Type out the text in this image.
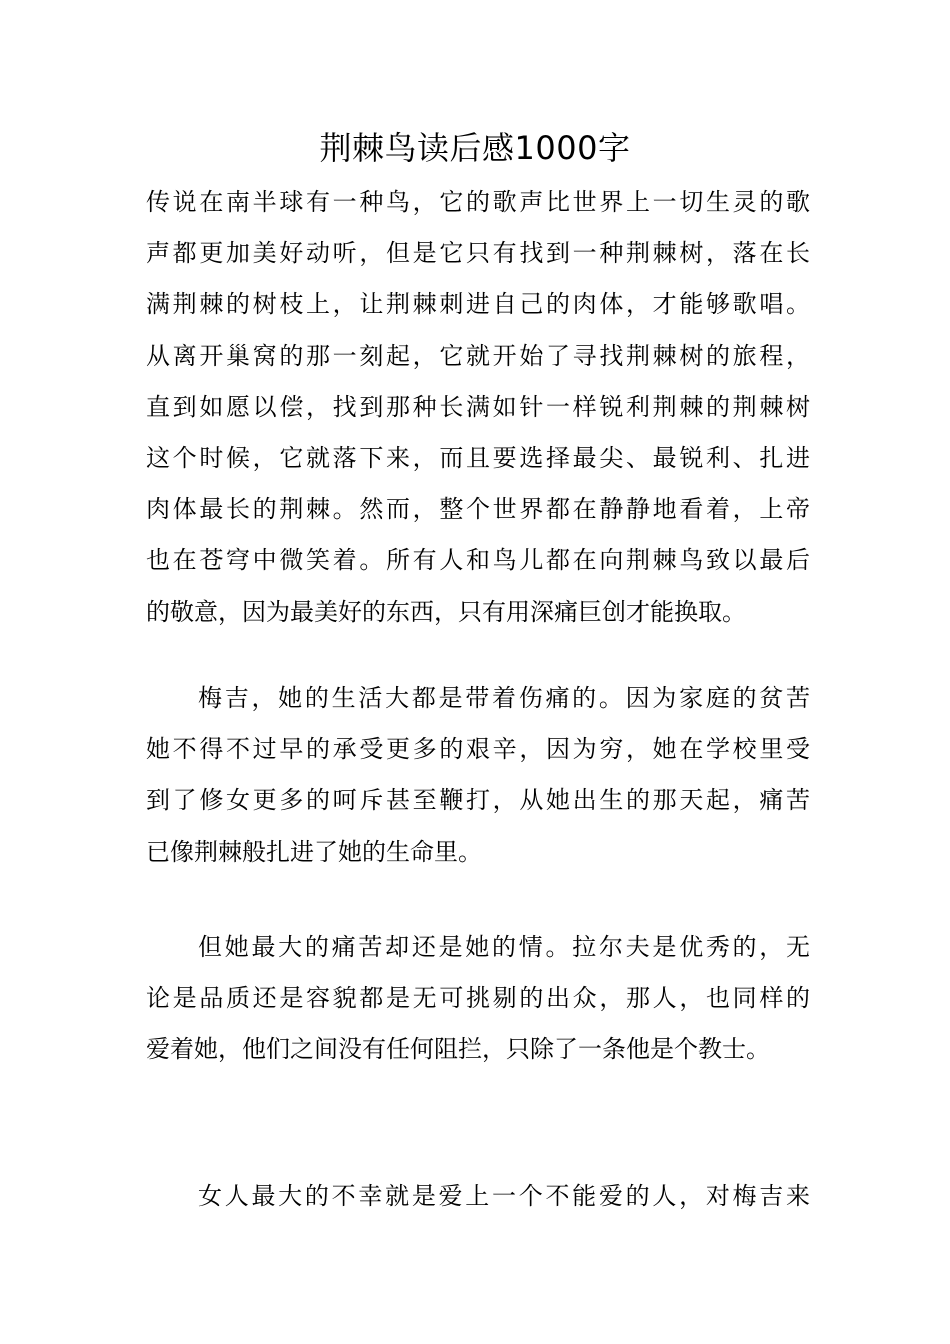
荆棘鸟读后感1000字
传说在南半球有一种鸟，它的歌声比世界上一切生灵的歌
声都更加美好动听，但是它只有找到一种荆棘树，落在长
满荆棘的树枝上，让荆棘刺进自己的肉体，才能够歌唱。
从离开巢窝的那一刻起，它就开始了寻找荆棘树的旅程，
直到如愿以偿，找到那种长满如针一样锐利荆棘的荆棘树
这个时候，它就落下来，而且要选择最尖、最锐利、扎进
肉体最长的荆棘。然而，整个世界都在静静地看着，上帝
也在苍穹中微笑着。所有人和鸟儿都在向荆棘鸟致以最后
的敬意，因为最美好的东西，只有用深痛巨创才能换取。
梅吉，她的生活大都是带着伤痛的。因为家庭的贫苦
她不得不过早的承受更多的艰辛，因为穷，她在学校里受
到了修女更多的呵斥甚至鞭打，从她出生的那天起，痛苦
已像荆棘般扎进了她的生命里。
但她最大的痛苦却还是她的情。拉尔夫是优秀的，无
论是品质还是容貌都是无可挑剔的出众，那人，也同样的
爱着她，他们之间没有任何阻拦，只除了一条他是个教士。
女人最大的不幸就是爱上一个不能爱的人，对梅吉来
